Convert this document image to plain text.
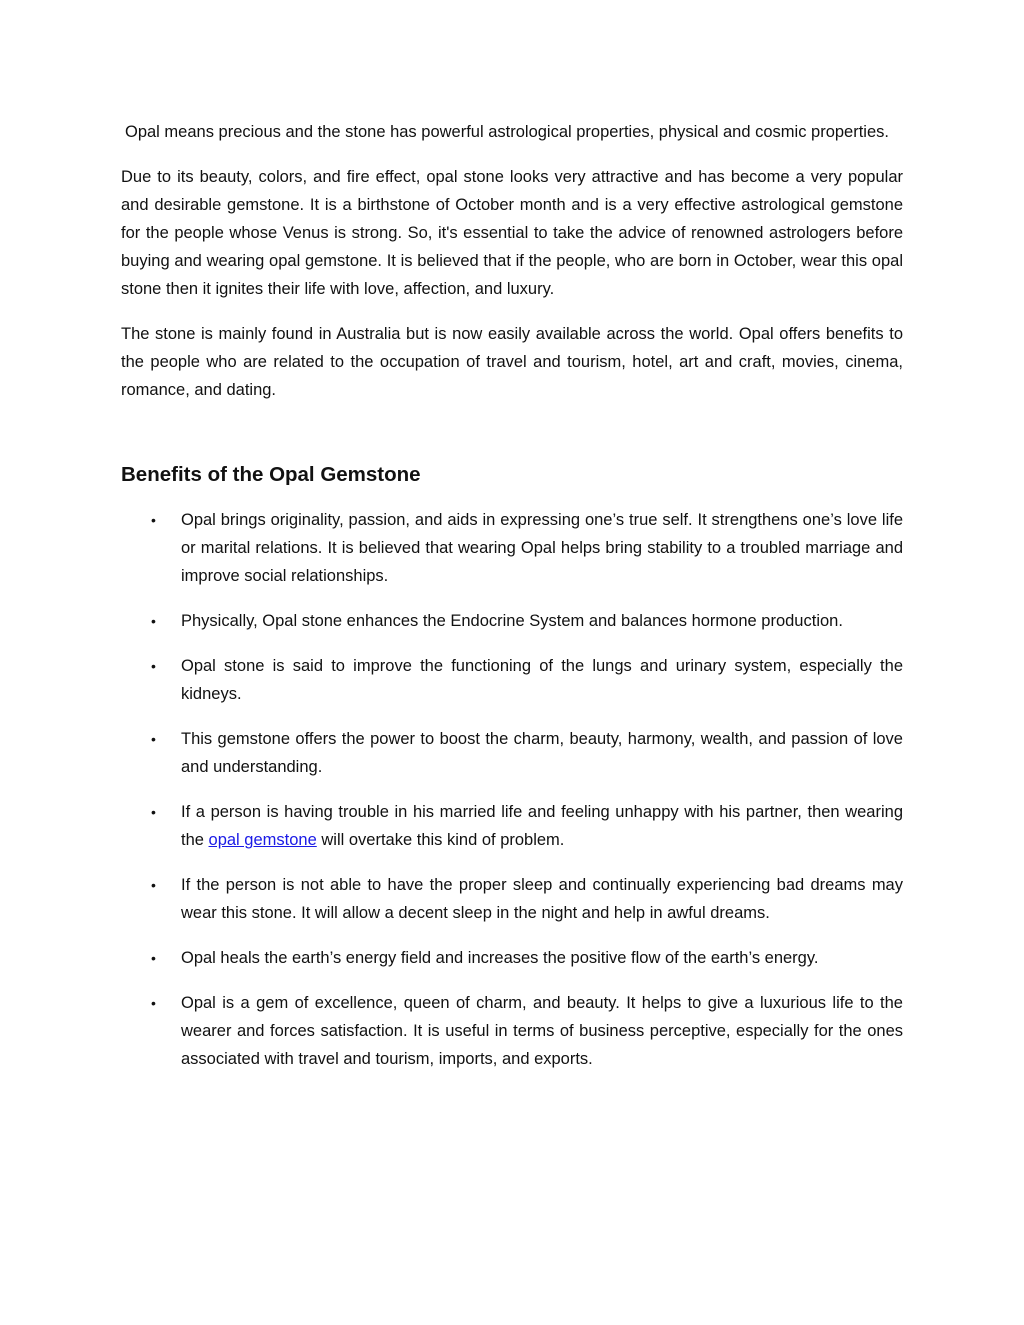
Opal means precious and the stone has powerful astrological properties, physical and cosmic properties.

Due to its beauty, colors, and fire effect, opal stone looks very attractive and has become a very popular and desirable gemstone. It is a birthstone of October month and is a very effective astrological gemstone for the people whose Venus is strong. So, it's essential to take the advice of renowned astrologers before buying and wearing opal gemstone. It is believed that if the people, who are born in October, wear this opal stone then it ignites their life with love, affection, and luxury.

The stone is mainly found in Australia but is now easily available across the world. Opal offers benefits to the people who are related to the occupation of travel and tourism, hotel, art and craft, movies, cinema, romance, and dating.

Benefits of the Opal Gemstone
• Opal brings originality, passion, and aids in expressing one’s true self. It strengthens one’s love life or marital relations. It is believed that wearing Opal helps bring stability to a troubled marriage and improve social relationships.
• Physically, Opal stone enhances the Endocrine System and balances hormone production.
• Opal stone is said to improve the functioning of the lungs and urinary system, especially the kidneys.
• This gemstone offers the power to boost the charm, beauty, harmony, wealth, and passion of love and understanding.
• If a person is having trouble in his married life and feeling unhappy with his partner, then wearing the opal gemstone will overtake this kind of problem.
• If the person is not able to have the proper sleep and continually experiencing bad dreams may wear this stone. It will allow a decent sleep in the night and help in awful dreams.
• Opal heals the earth’s energy field and increases the positive flow of the earth’s energy.
• Opal is a gem of excellence, queen of charm, and beauty. It helps to give a luxurious life to the wearer and forces satisfaction. It is useful in terms of business perceptive, especially for the ones associated with travel and tourism, imports, and exports.
